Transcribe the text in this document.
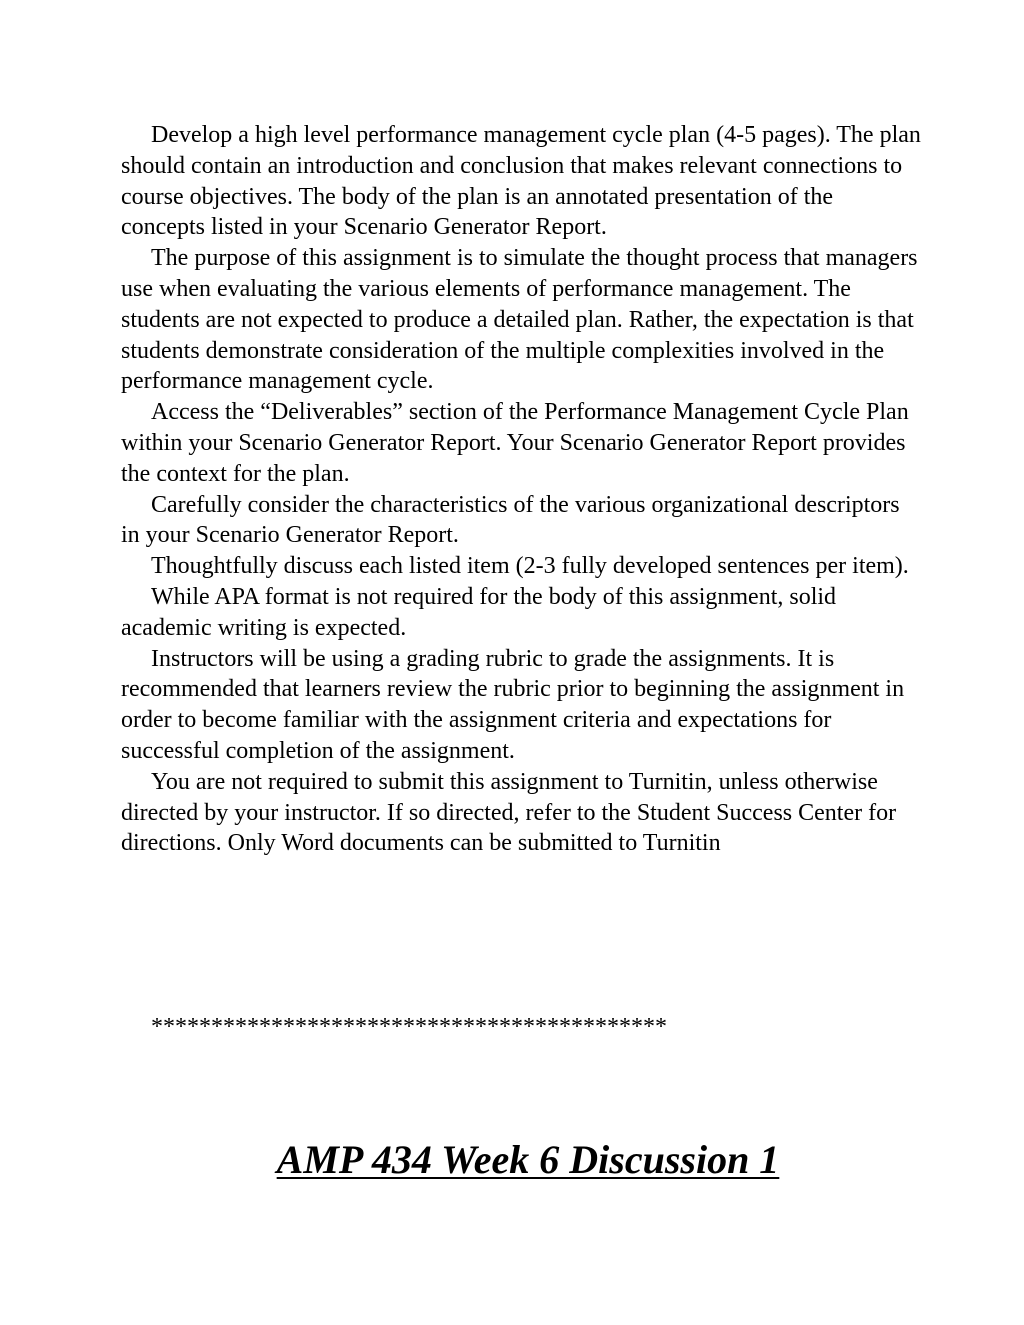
Develop a high level performance management cycle plan (4-5 pages). The plan should contain an introduction and conclusion that makes relevant connections to course objectives. The body of the plan is an annotated presentation of the concepts listed in your Scenario Generator Report.

The purpose of this assignment is to simulate the thought process that managers use when evaluating the various elements of performance management. The students are not expected to produce a detailed plan. Rather, the expectation is that students demonstrate consideration of the multiple complexities involved in the performance management cycle.

Access the “Deliverables” section of the Performance Management Cycle Plan within your Scenario Generator Report. Your Scenario Generator Report provides the context for the plan.

Carefully consider the characteristics of the various organizational descriptors in your Scenario Generator Report.

Thoughtfully discuss each listed item (2-3 fully developed sentences per item).

While APA format is not required for the body of this assignment, solid academic writing is expected.

Instructors will be using a grading rubric to grade the assignments. It is recommended that learners review the rubric prior to beginning the assignment in order to become familiar with the assignment criteria and expectations for successful completion of the assignment.

You are not required to submit this assignment to Turnitin, unless otherwise directed by your instructor. If so directed, refer to the Student Success Center for directions. Only Word documents can be submitted to Turnitin

*******************************************
AMP 434 Week 6 Discussion 1
